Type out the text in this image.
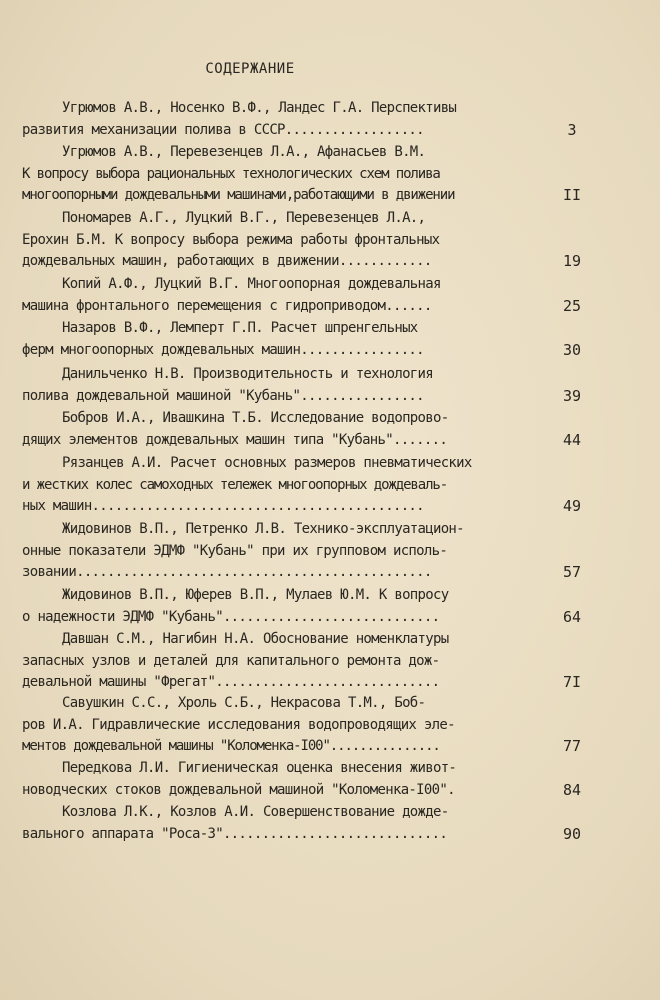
СОДЕРЖАНИЕ
Угрюмов А.В., Носенко В.Ф., Ландес Г.А. Перспективы
развития механизации полива в СССР..................	3
Угрюмов А.В., Перевезенцев Л.А., Афанасьев В.М.
К вопросу выбора рациональных технологических схем полива
многоопорными дождевальными машинами,работающими в движении	II
Пономарев А.Г., Луцкий В.Г., Перевезенцев Л.А.,
Ерохин Б.М. К вопросу выбора режима работы фронтальных
дождевальных машин, работающих в движении............	19
Копий А.Ф., Луцкий В.Г. Многоопорная дождевальная
машина фронтального перемещения с гидроприводом......	25
Назаров В.Ф., Лемперт Г.П. Расчет шпренгельных
ферм многоопорных дождевальных машин................	30
Данильченко Н.В. Производительность и технология
полива дождевальной машиной "Кубань"................	39
Бобров И.А., Ивашкина Т.Б. Исследование водопрово-
дящих элементов дождевальных машин типа "Кубань".......	44
Рязанцев А.И. Расчет основных размеров пневматических
и жестких колес самоходных тележек многоопорных дождеваль-
ных машин...........................................	49
Жидовинов В.П., Петренко Л.В. Технико-эксплуатацион-
онные показатели ЭДМФ "Кубань" при их групповом исполь-
зовании..............................................	57
Жидовинов В.П., Юферев В.П., Мулаев Ю.М. К вопросу
о надежности ЭДМФ "Кубань"............................	64
Давшан С.М., Нагибин Н.А. Обоснование номенклатуры
запасных узлов и деталей для капитального ремонта дож-
девальной машины "Фрегат".............................	7I
Савушкин С.С., Хроль С.Б., Некрасова Т.М., Боб-
ров И.А. Гидравлические исследования водопроводящих эле-
ментов дождевальной машины "Коломенка-I00"...............	77
Передкова Л.И. Гигиеническая оценка внесения живот-
новодческих стоков дождевальной машиной "Коломенка-I00".	84
Козлова Л.К., Козлов А.И. Совершенствование дожде-
вального аппарата "Роса-3".............................	90
